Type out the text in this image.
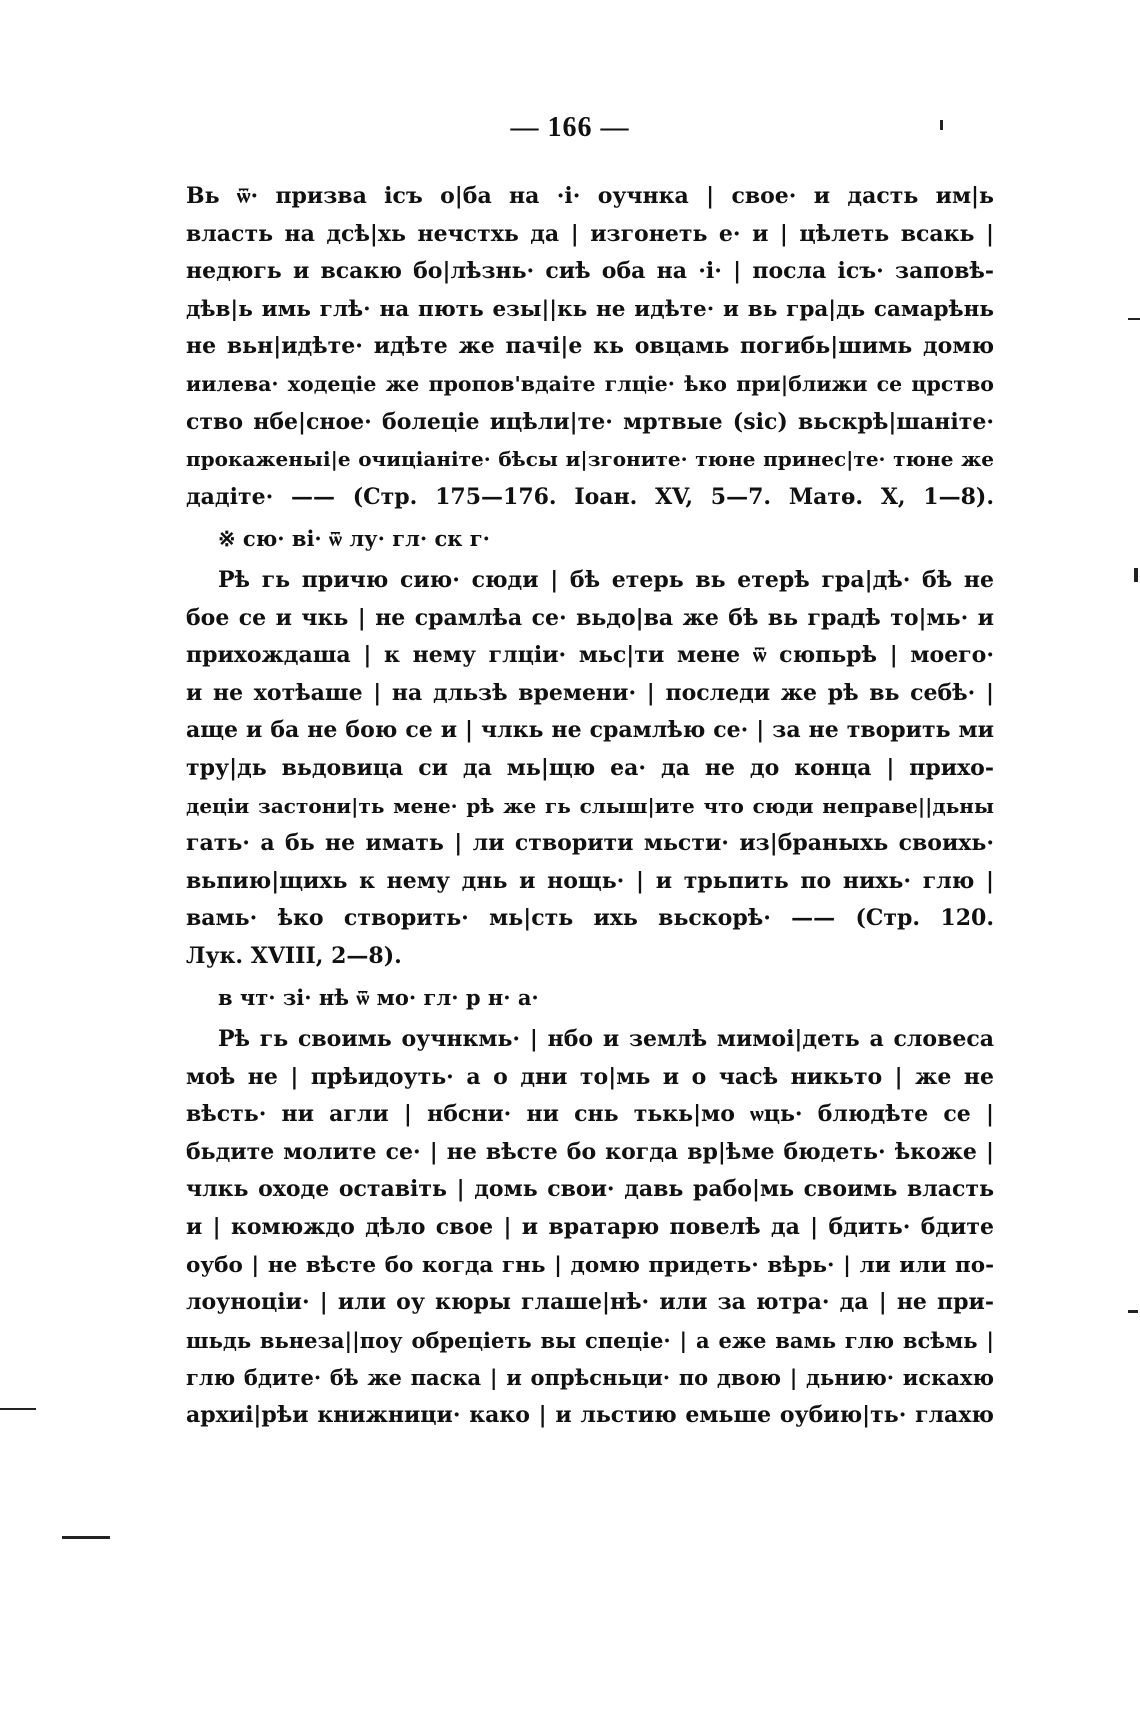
— 166 —
Вь ѿ· призва ісъ о|ба на ·і· оучнка | свое· и дасть им|ь
власть на дсѣ|хь нечстхь да | изгонеть е· и | цѣлеть всакь |
недюгь и всакю бо|лѣзнь· сиѣ оба на ·і· | посла ісъ· заповѣ-
дѣв|ь имь глѣ· на пють езы||кь не идѣте· и вь гра|дь самарѣнь
не вьн|идѣте· идѣте же пачі|е кь овцамь погибь|шимь домю
иилева· ходеціе же пропов'вдаіте глціе· ѣко при|ближи се црство
ство нбе|сное· болеціе ицѣли|те· мртвые (sic) вьскрѣ|шаніте·
прокаженыі|е очиціаніте· бѣсы и|згоните· тюне принес|те· тюне же
дадіте· —— (Стр. 175—176. Іоан. XV, 5—7. Матѳ. X, 1—8).
※ сю· ві· ѿ лу· гл· ск г·
Рѣ гь причю сию· сюди | бѣ етерь вь етерѣ гра|дѣ· бѣ не
бое се и чкь | не срамлѣа се· вьдо|ва же бѣ вь градѣ то|мь· и
прихождаша | к нему глціи· мьс|ти мене ѿ сюпьрѣ | моего·
и не хотѣаше | на дльзѣ времени· | последи же рѣ вь себѣ· |
аще и ба не бою се и | члкь не срамлѣю се· | за не творить ми
тру|дь вьдовица си да мь|щю еа· да не до конца | прихо-
деціи застони|ть мене· рѣ же гь слыш|ите что сюди неправе||дьны
гать· а бь не имать | ли створити мьсти· из|браныхь своихь·
вьпию|щихь к нему днь и нощь· | и трьпить по нихь· глю |
вамь· ѣко створить· мь|сть ихь вьскорѣ· —— (Стр. 120.
Лук. XVIII, 2—8).
в чт· зі· нѣ ѿ мо· гл· р н· а·
Рѣ гь своимь оучнкмь· | нбо и землѣ мимоі|деть а словеса
моѣ не | прѣидоуть· а о дни то|мь и о часѣ никьто | же не
вѣсть· ни агли | нбсни· ни снь тькь|мо ѡць· блюдѣте се |
бьдите молите се· | не вѣсте бо когда вр|ѣме бюдеть· ѣкоже |
члкь оходе оставіть | домь свои· давь рабо|мь своимь власть
и | комюждо дѣло свое | и вратарю повелѣ да | бдить· бдите
оубо | не вѣсте бо когда гнь | домю придеть· вѣрь· | ли или по-
лоуноціи· | или оу кюры глаше|нѣ· или за ютра· да | не при-
шьдь вьнеза||поу обреціеть вы спеціе· | а еже вамь глю всѣмь |
глю бдите· бѣ же паска | и опрѣсньци· по двою | дьнию· искахю
архиі|рѣи книжници· како | и льстию емьше оубию|ть· глахю
